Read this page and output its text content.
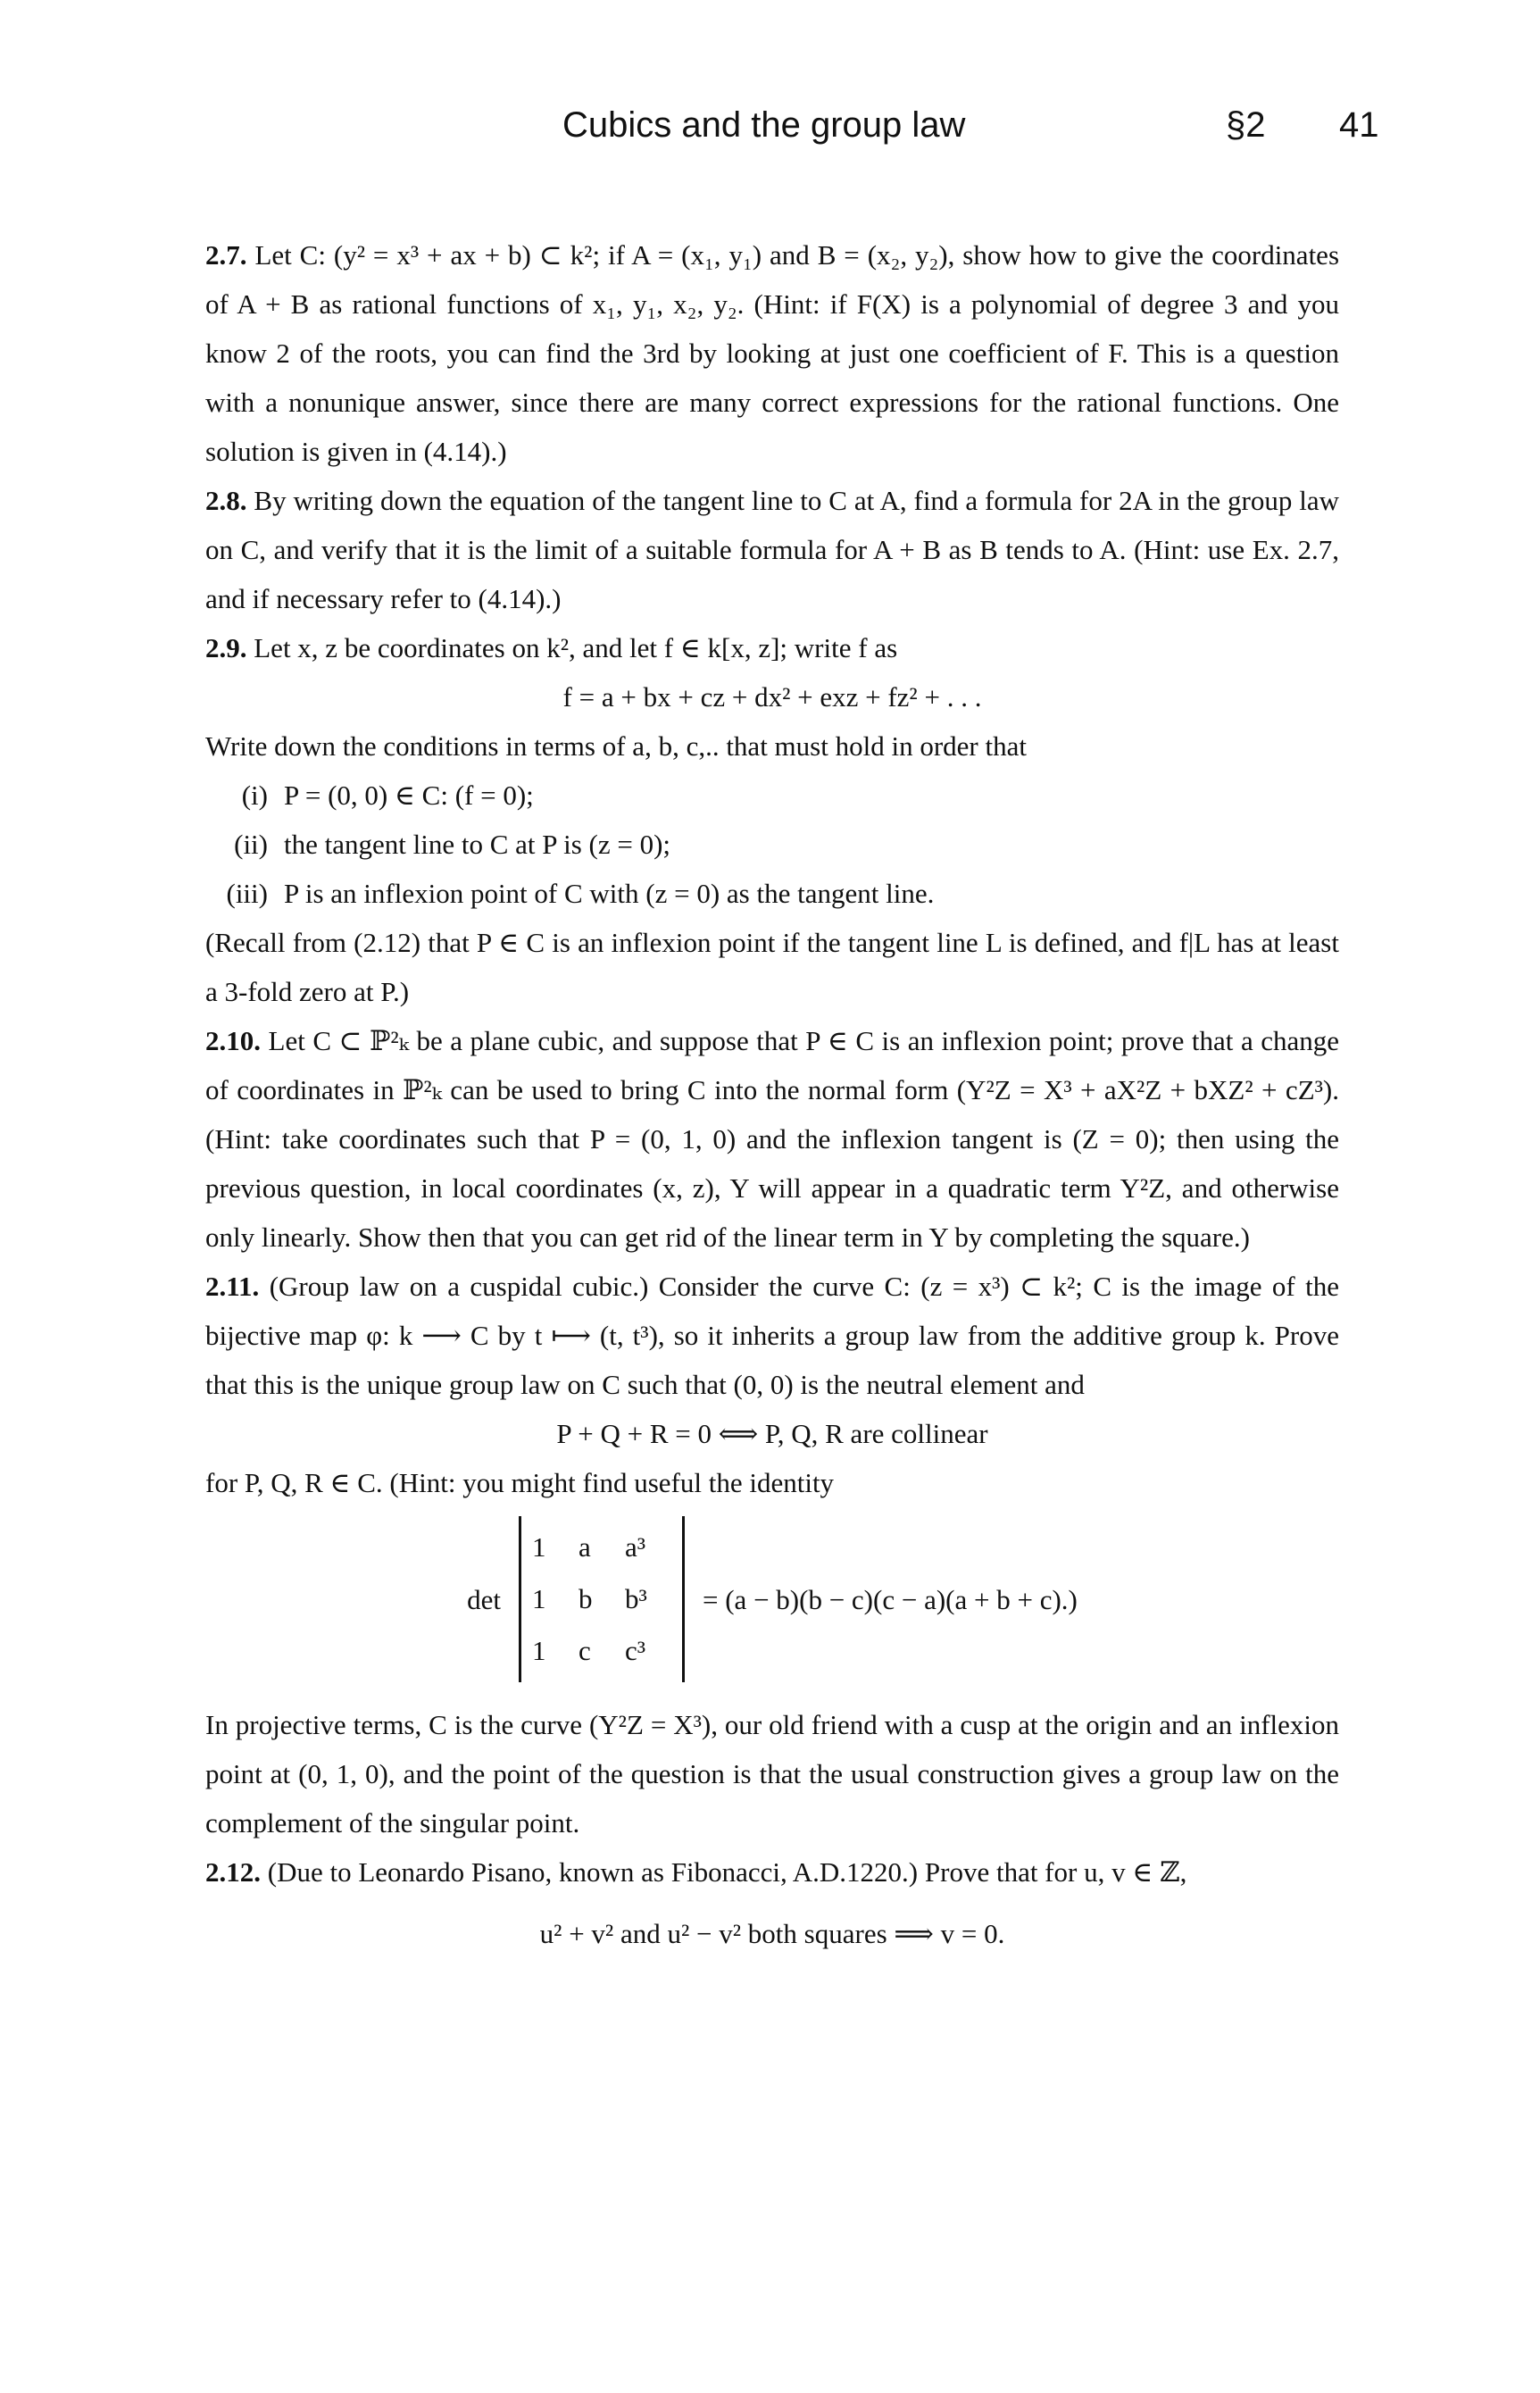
Cubics and the group law	§2 41

2.7. Let C: (y² = x³ + ax + b) ⊂ k²; if A = (x₁, y₁) and B = (x₂, y₂), show how to give the coordinates of A + B as rational functions of x₁, y₁, x₂, y₂. (Hint: if F(X) is a polynomial of degree 3 and you know 2 of the roots, you can find the 3rd by looking at just one coefficient of F. This is a question with a nonunique answer, since there are many correct expressions for the rational functions. One solution is given in (4.14).)

2.8. By writing down the equation of the tangent line to C at A, find a formula for 2A in the group law on C, and verify that it is the limit of a suitable formula for A + B as B tends to A. (Hint: use Ex. 2.7, and if necessary refer to (4.14).)

2.9. Let x, z be coordinates on k², and let f ∈ k[x, z]; write f as

f = a + bx + cz + dx² + exz + fz² + . . .

Write down the conditions in terms of a, b, c,.. that must hold in order that

(i) P = (0, 0) ∈ C: (f = 0);
(ii) the tangent line to C at P is (z = 0);
(iii) P is an inflexion point of C with (z = 0) as the tangent line.

(Recall from (2.12) that P ∈ C is an inflexion point if the tangent line L is defined, and f|L has at least a 3-fold zero at P.)

2.10. Let C ⊂ ℙ²ₖ be a plane cubic, and suppose that P ∈ C is an inflexion point; prove that a change of coordinates in ℙ²ₖ can be used to bring C into the normal form (Y²Z = X³ + aX²Z + bXZ² + cZ³). (Hint: take coordinates such that P = (0, 1, 0) and the inflexion tangent is (Z = 0); then using the previous question, in local coordinates (x, z), Y will appear in a quadratic term Y²Z, and otherwise only linearly. Show then that you can get rid of the linear term in Y by completing the square.)

2.11. (Group law on a cuspidal cubic.) Consider the curve C: (z = x³) ⊂ k²; C is the image of the bijective map φ: k ⟶ C by t ⟼ (t, t³), so it inherits a group law from the additive group k. Prove that this is the unique group law on C such that (0, 0) is the neutral element and

P + Q + R = 0 ⟺ P, Q, R are collinear

for P, Q, R ∈ C. (Hint: you might find useful the identity

det
1	a	a³
1	b	b³
1	c	c³
= (a − b)(b − c)(c − a)(a + b + c).)

In projective terms, C is the curve (Y²Z = X³), our old friend with a cusp at the origin and an inflexion point at (0, 1, 0), and the point of the question is that the usual construction gives a group law on the complement of the singular point.

2.12. (Due to Leonardo Pisano, known as Fibonacci, A.D.1220.) Prove that for u, v ∈ ℤ,

u² + v² and u² − v² both squares ⟹ v = 0.
